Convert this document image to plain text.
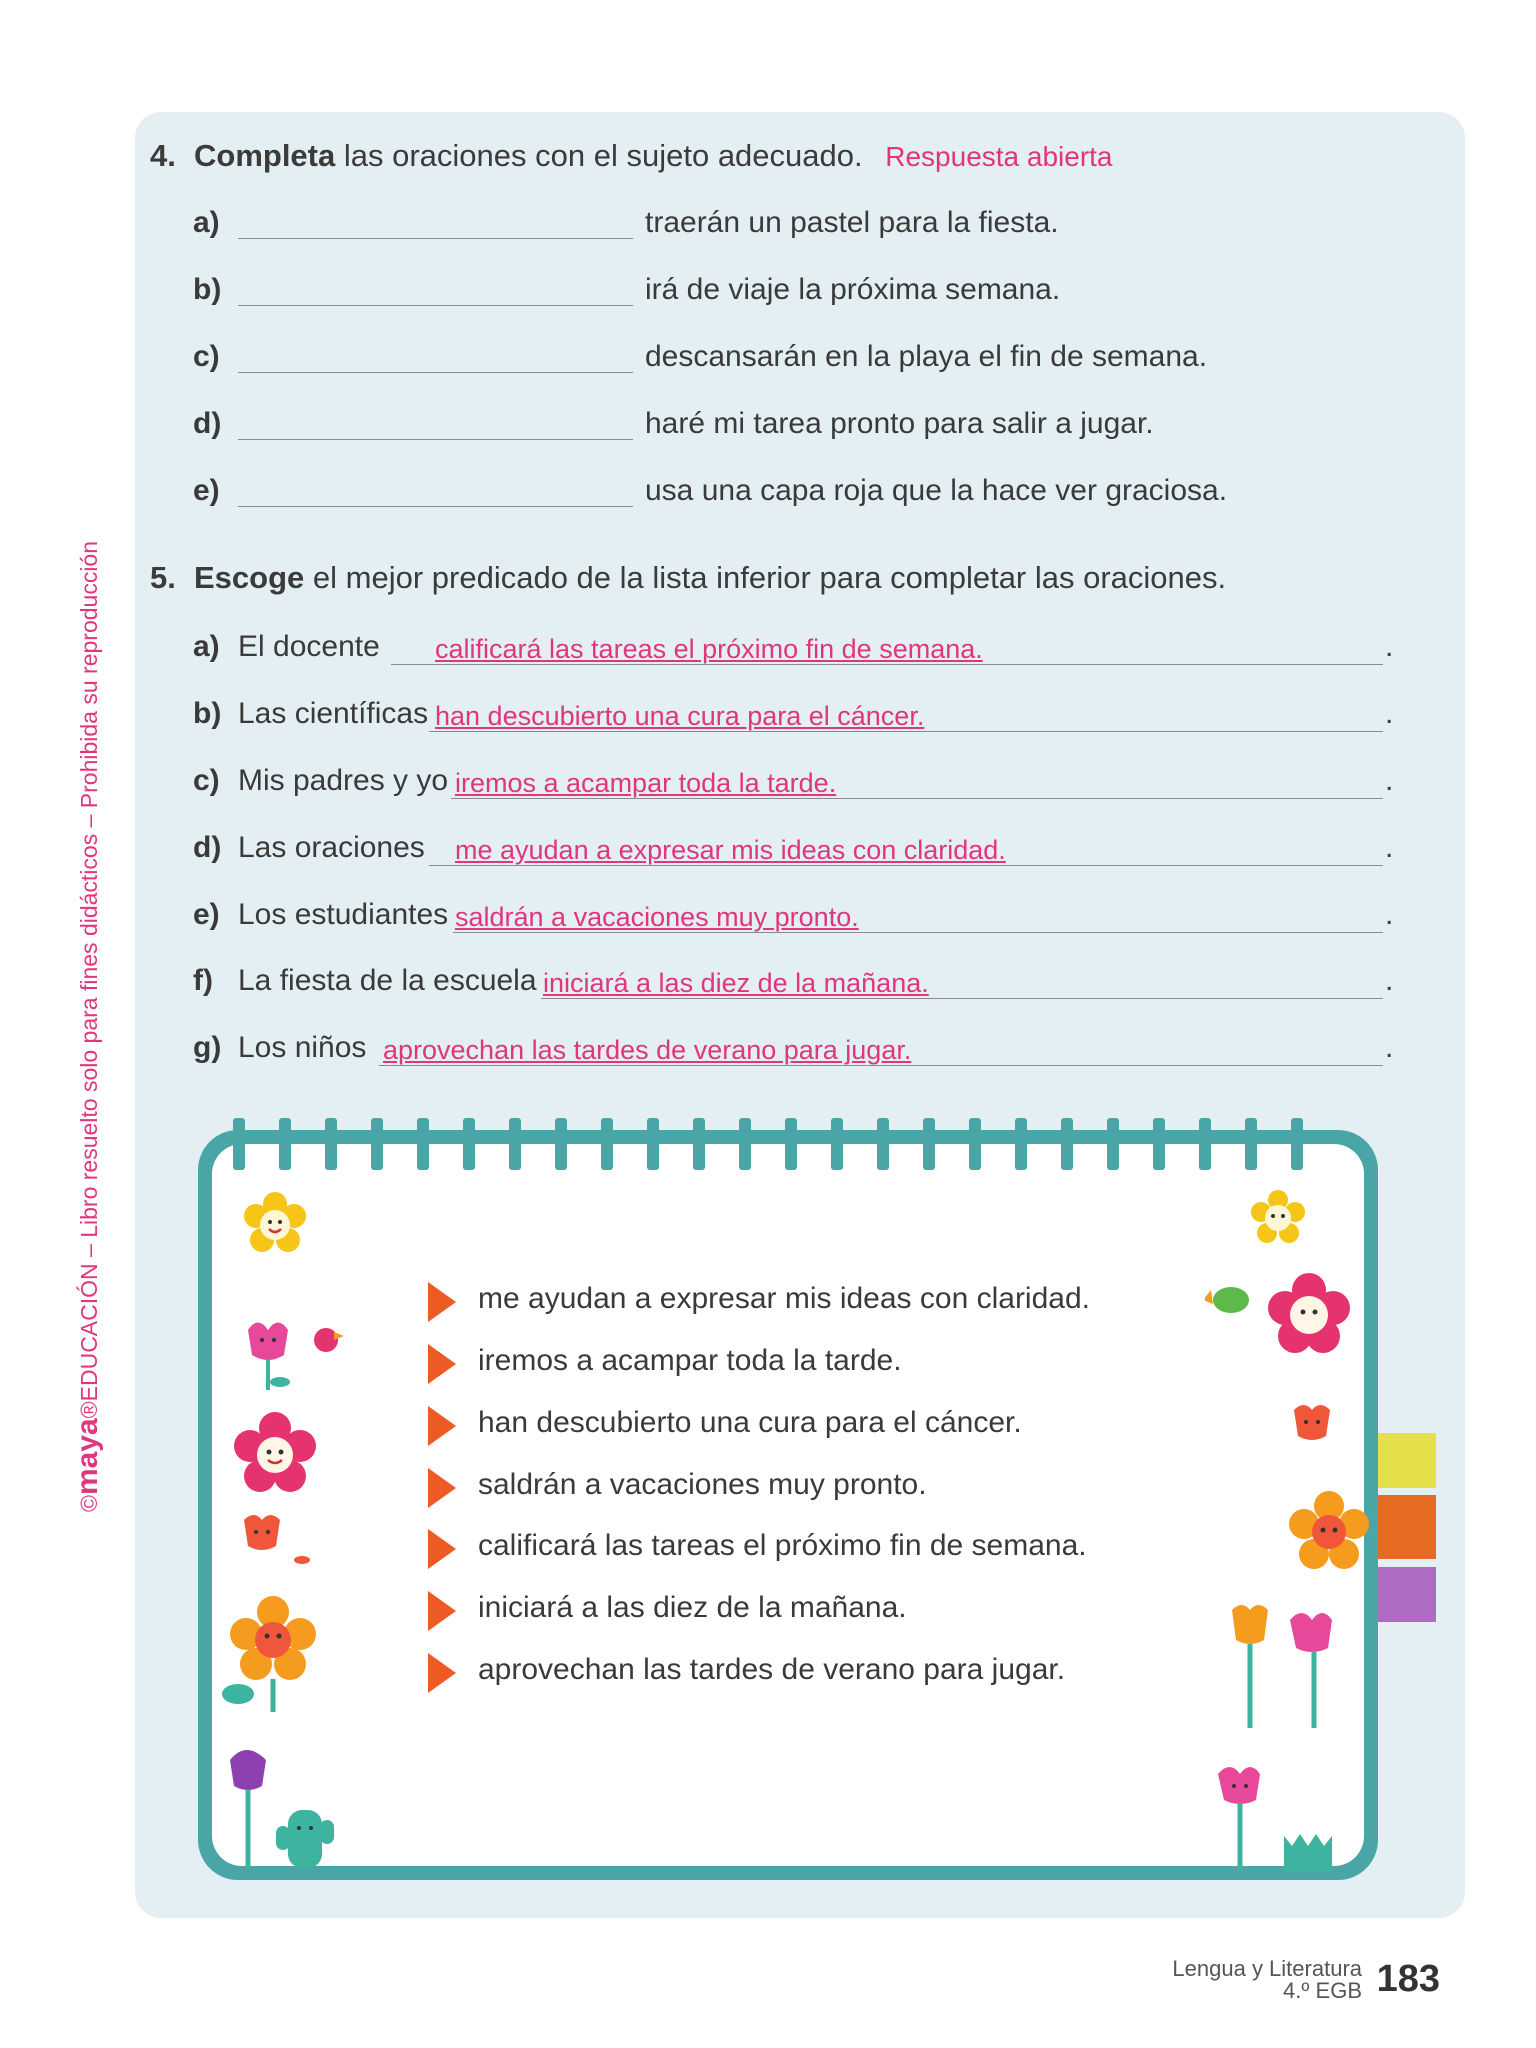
©maya®EDUCACIÓN – Libro resuelto solo para fines didácticos – Prohibida su reproducción
4. Completa las oraciones con el sujeto adecuado. Respuesta abierta
a)	traerán un pastel para la fiesta.
b)	irá de viaje la próxima semana.
c)	descansarán en la playa el fin de semana.
d)	haré mi tarea pronto para salir a jugar.
e)	usa una capa roja que la hace ver graciosa.
5. Escoge el mejor predicado de la lista inferior para completar las oraciones.
a) El docente calificará las tareas el próximo fin de semana.	.
b) Las científicas han descubierto una cura para el cáncer.	.
c) Mis padres y yo iremos a acampar toda la tarde.	.
d) Las oraciones me ayudan a expresar mis ideas con claridad.	.
e) Los estudiantes saldrán a vacaciones muy pronto.	.
f) La fiesta de la escuela iniciará a las diez de la mañana.	.
g) Los niños aprovechan las tardes de verano para jugar.	.
me ayudan a expresar mis ideas con claridad.
iremos a acampar toda la tarde.
han descubierto una cura para el cáncer.
saldrán a vacaciones muy pronto.
calificará las tareas el próximo fin de semana.
iniciará a las diez de la mañana.
aprovechan las tardes de verano para jugar.
Lengua y Literatura
4.º EGB 183
